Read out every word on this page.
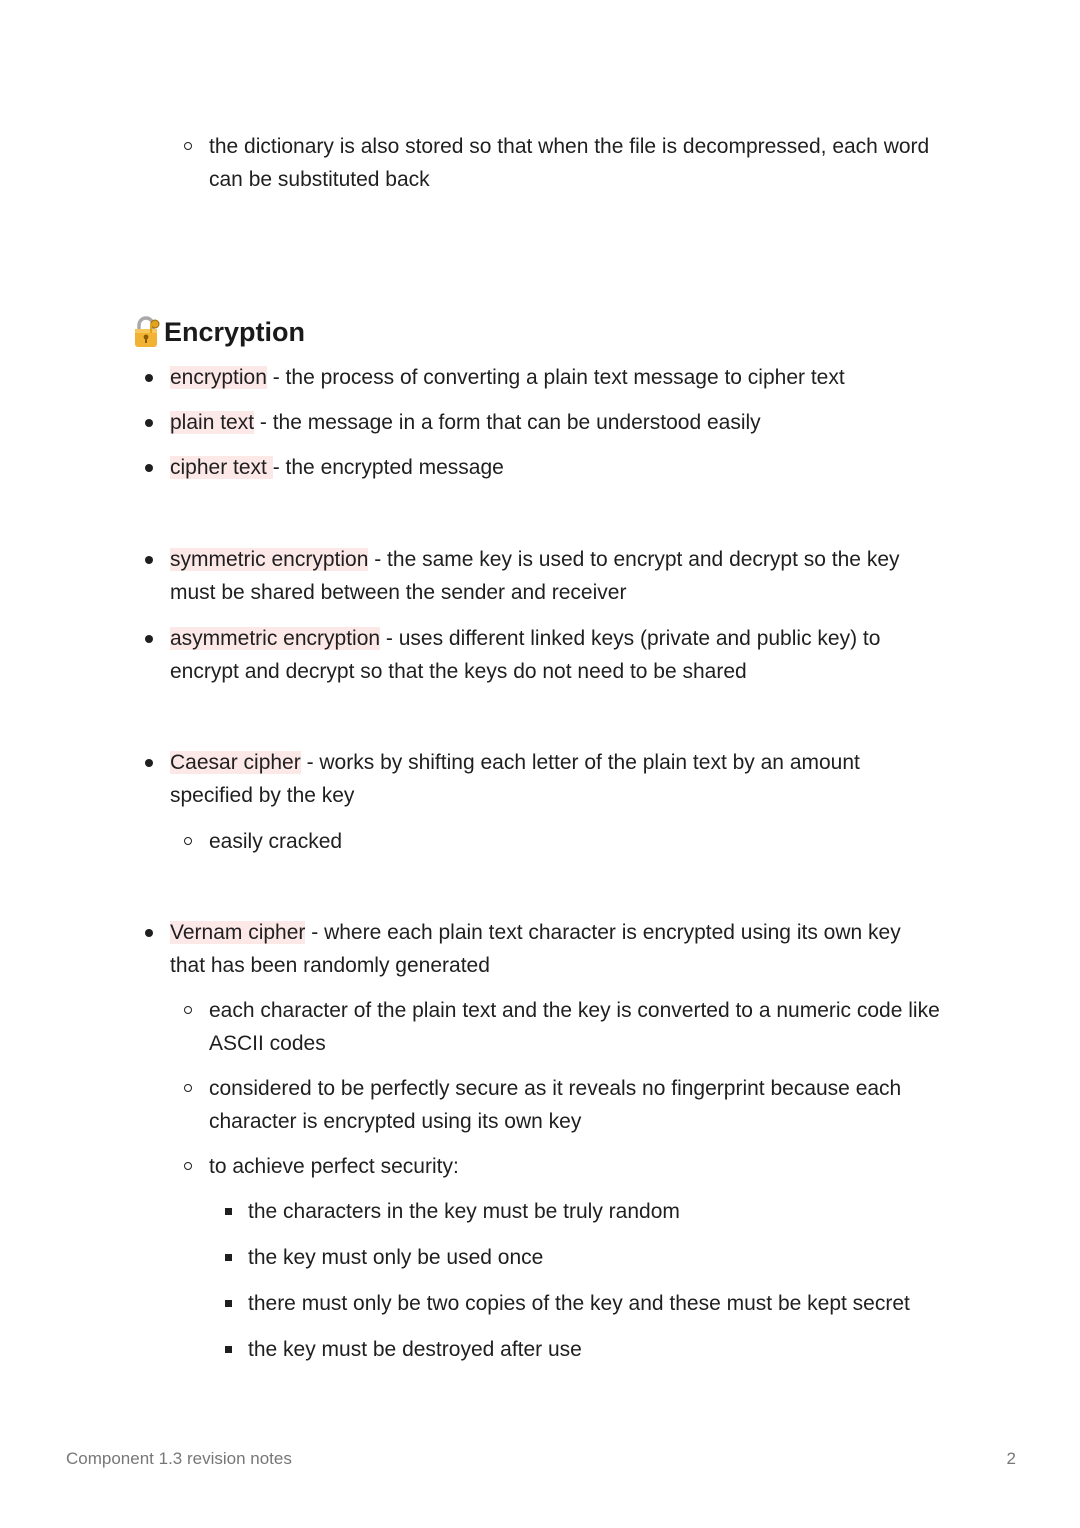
the dictionary is also stored so that when the file is decompressed, each word can be substituted back
Encryption
encryption - the process of converting a plain text message to cipher text
plain text - the message in a form that can be understood easily
cipher text - the encrypted message
symmetric encryption - the same key is used to encrypt and decrypt so the key must be shared between the sender and receiver
asymmetric encryption - uses different linked keys (private and public key) to encrypt and decrypt so that the keys do not need to be shared
Caesar cipher - works by shifting each letter of the plain text by an amount specified by the key
easily cracked
Vernam cipher - where each plain text character is encrypted using its own key that has been randomly generated
each character of the plain text and the key is converted to a numeric code like ASCII codes
considered to be perfectly secure as it reveals no fingerprint because each character is encrypted using its own key
to achieve perfect security:
the characters in the key must be truly random
the key must only be used once
there must only be two copies of the key and these must be kept secret
the key must be destroyed after use
Component 1.3 revision notes	2
